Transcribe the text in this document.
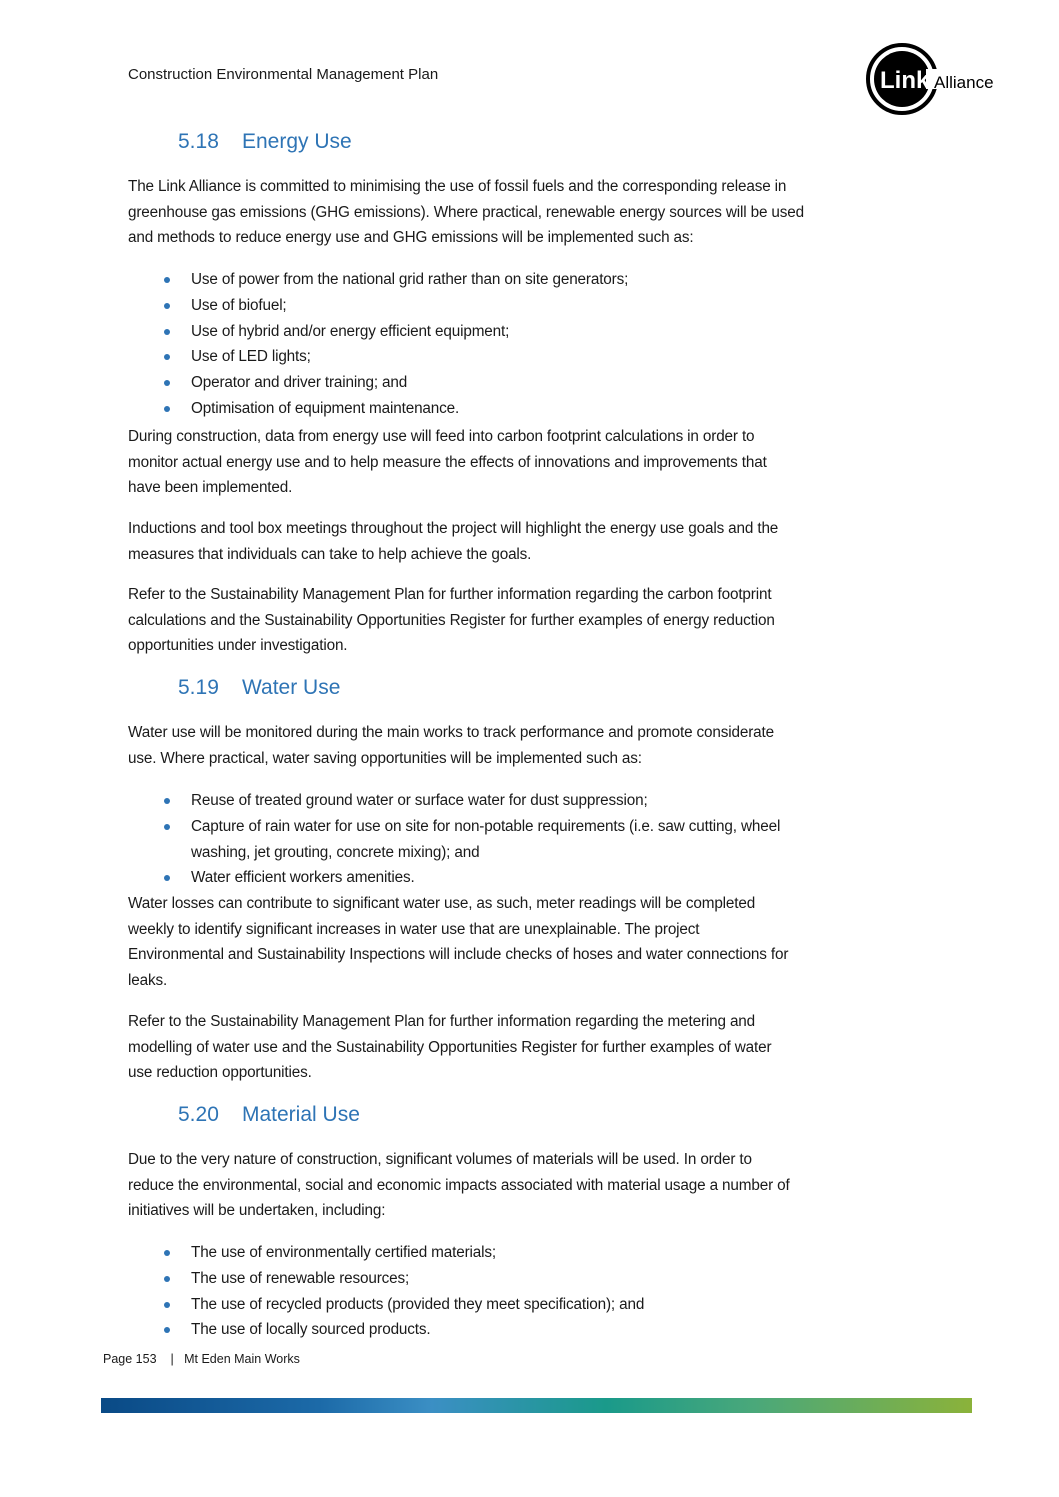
Construction Environmental Management Plan	Link Alliance
5.18 Energy Use
The Link Alliance is committed to minimising the use of fossil fuels and the corresponding release in
greenhouse gas emissions (GHG emissions). Where practical, renewable energy sources will be used
and methods to reduce energy use and GHG emissions will be implemented such as:
Use of power from the national grid rather than on site generators;
Use of biofuel;
Use of hybrid and/or energy efficient equipment;
Use of LED lights;
Operator and driver training; and
Optimisation of equipment maintenance.
During construction, data from energy use will feed into carbon footprint calculations in order to
monitor actual energy use and to help measure the effects of innovations and improvements that
have been implemented.
Inductions and tool box meetings throughout the project will highlight the energy use goals and the
measures that individuals can take to help achieve the goals.
Refer to the Sustainability Management Plan for further information regarding the carbon footprint
calculations and the Sustainability Opportunities Register for further examples of energy reduction
opportunities under investigation.
5.19 Water Use
Water use will be monitored during the main works to track performance and promote considerate
use. Where practical, water saving opportunities will be implemented such as:
Reuse of treated ground water or surface water for dust suppression;
Capture of rain water for use on site for non-potable requirements (i.e. saw cutting, wheel
washing, jet grouting, concrete mixing); and
Water efficient workers amenities.
Water losses can contribute to significant water use, as such, meter readings will be completed
weekly to identify significant increases in water use that are unexplainable. The project
Environmental and Sustainability Inspections will include checks of hoses and water connections for
leaks.
Refer to the Sustainability Management Plan for further information regarding the metering and
modelling of water use and the Sustainability Opportunities Register for further examples of water
use reduction opportunities.
5.20 Material Use
Due to the very nature of construction, significant volumes of materials will be used. In order to
reduce the environmental, social and economic impacts associated with material usage a number of
initiatives will be undertaken, including:
The use of environmentally certified materials;
The use of renewable resources;
The use of recycled products (provided they meet specification); and
The use of locally sourced products.
Page 153 | Mt Eden Main Works
